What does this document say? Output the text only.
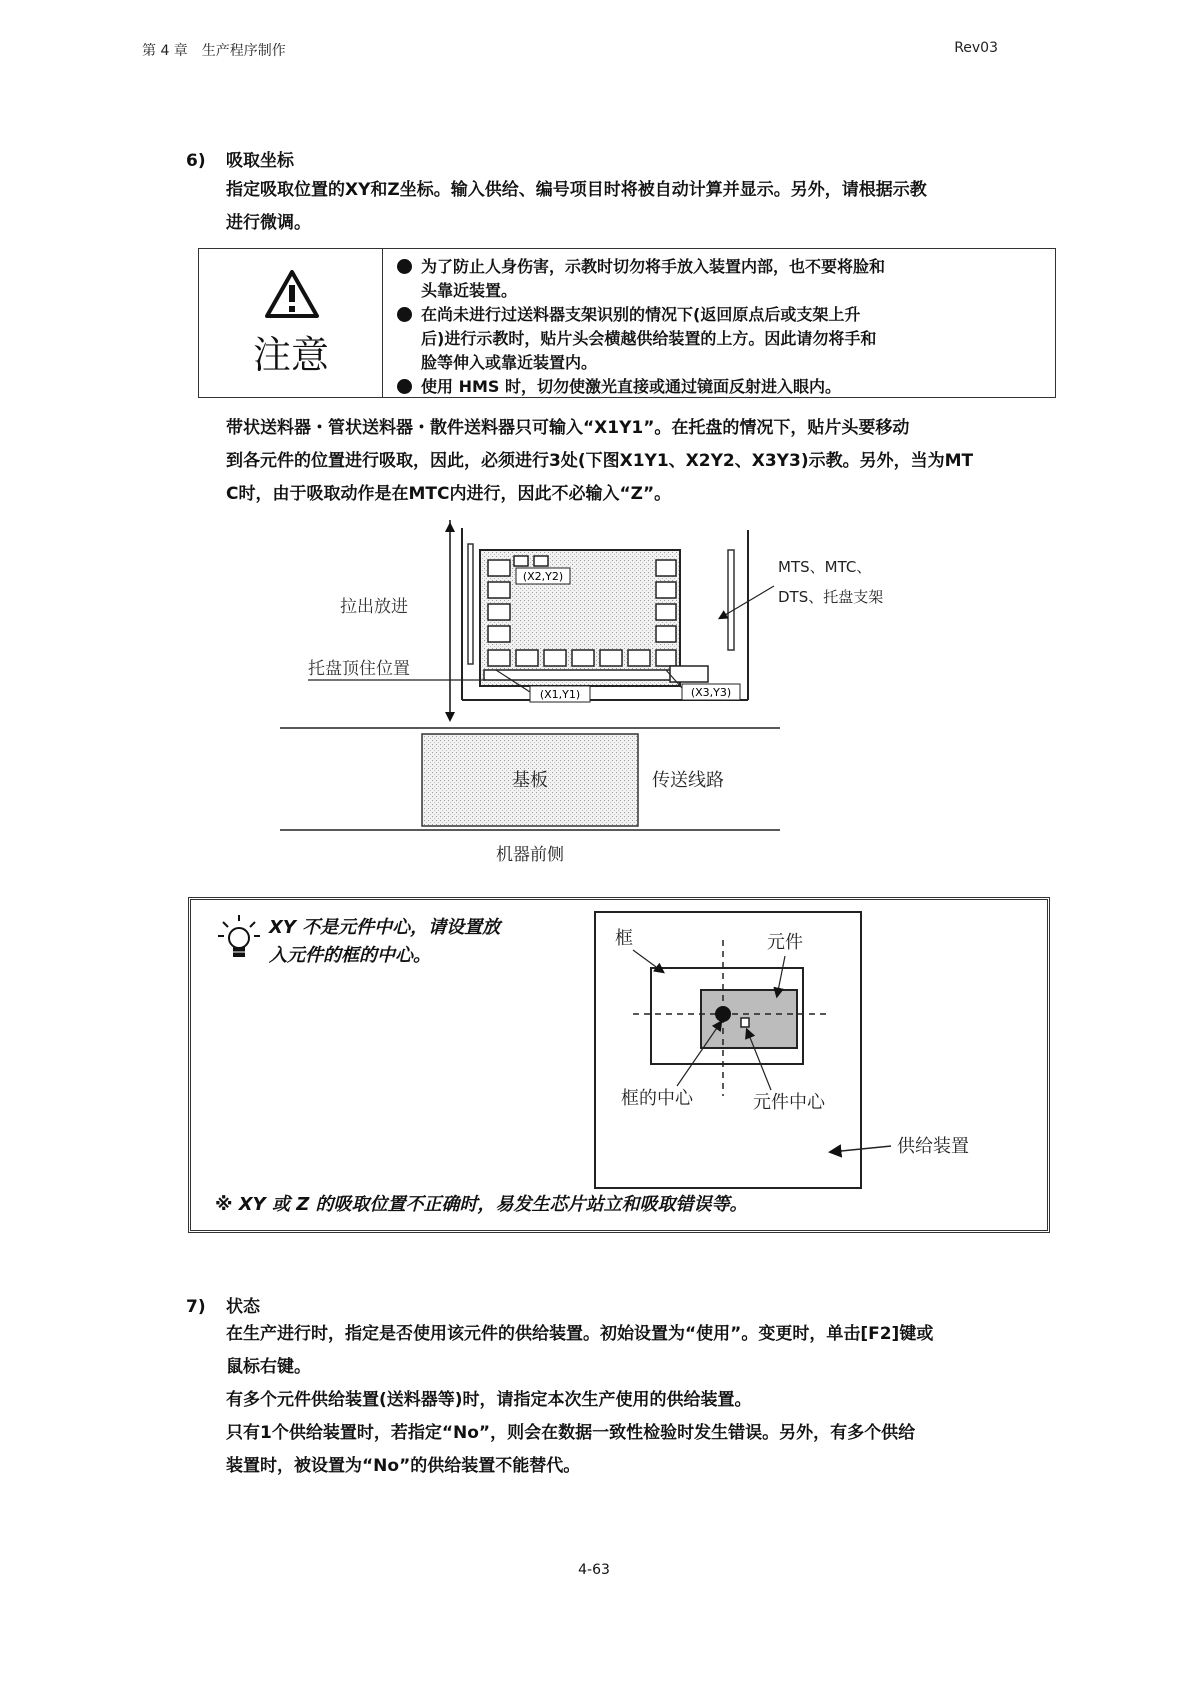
第 4 章　生产程序制作	Rev03
6) 吸取坐标
指定吸取位置的XY和Z坐标。输入供给、编号项目时将被自动计算并显示。另外，请根据示教
进行微调。
注意
为了防止人身伤害，示教时切勿将手放入装置内部，也不要将脸和
头靠近装置。
在尚未进行过送料器支架识别的情况下(返回原点后或支架上升
后)进行示教时，贴片头会横越供给装置的上方。因此请勿将手和
脸等伸入或靠近装置内。
使用 HMS 时，切勿使激光直接或通过镜面反射进入眼内。
带状送料器・管状送料器・散件送料器只可输入“X1Y1”。在托盘的情况下，贴片头要移动
到各元件的位置进行吸取，因此，必须进行3处(下图X1Y1、X2Y2、X3Y3)示教。另外，当为MT
C时，由于吸取动作是在MTC内进行，因此不必输入“Z”。
(X2,Y2)
(X1,Y1)	(X3,Y3)
拉出放进
托盘顶住位置
MTS、MTC、
DTS、托盘支架
基板	传送线路
机器前侧
XY 不是元件中心，请设置放
入元件的框的中心。
框	元件
框的中心	元件中心
供给装置
※ XY 或 Z 的吸取位置不正确时，易发生芯片站立和吸取错误等。
7) 状态
在生产进行时，指定是否使用该元件的供给装置。初始设置为“使用”。变更时，单击[F2]键或
鼠标右键。
有多个元件供给装置(送料器等)时，请指定本次生产使用的供给装置。
只有1个供给装置时，若指定“No”，则会在数据一致性检验时发生错误。另外，有多个供给
装置时，被设置为“No”的供给装置不能替代。
4-63
